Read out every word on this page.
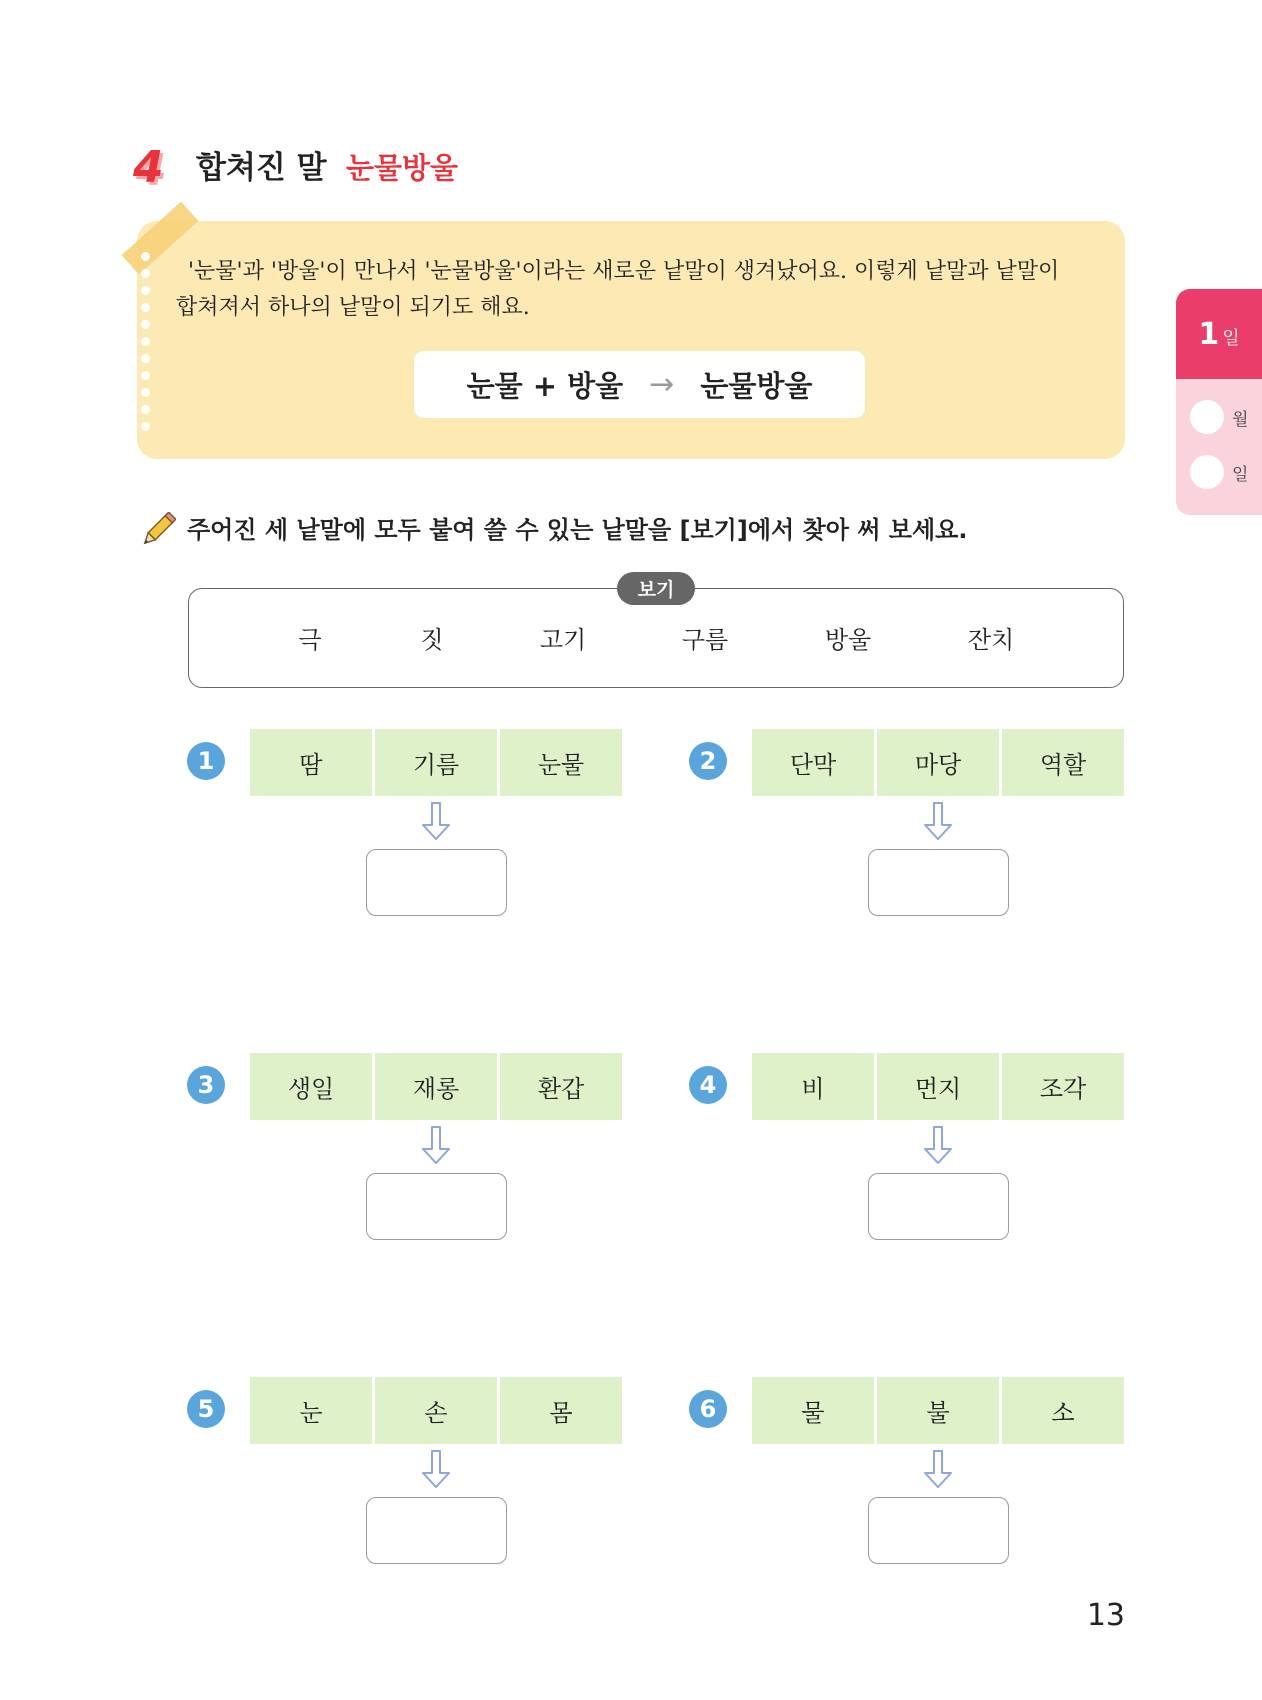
4	합쳐진 말 눈물방울
'눈물'과 '방울'이 만나서 '눈물방울'이라는 새로운 낱말이 생겨났어요. 이렇게 낱말과 낱말이
합쳐져서 하나의 낱말이 되기도 해요.
눈물 + 방울 → 눈물방울
1 일
월
일
주어진 세 낱말에 모두 붙여 쓸 수 있는 낱말을 [보기]에서 찾아 써 보세요.
보기
극	짓	고기	구름	방울	잔치
1	땀	기름	눈물	2	단막	마당	역할
3	생일	재롱	환갑	4	비	먼지	조각
5	눈	손	몸	6	물	불	소
13
